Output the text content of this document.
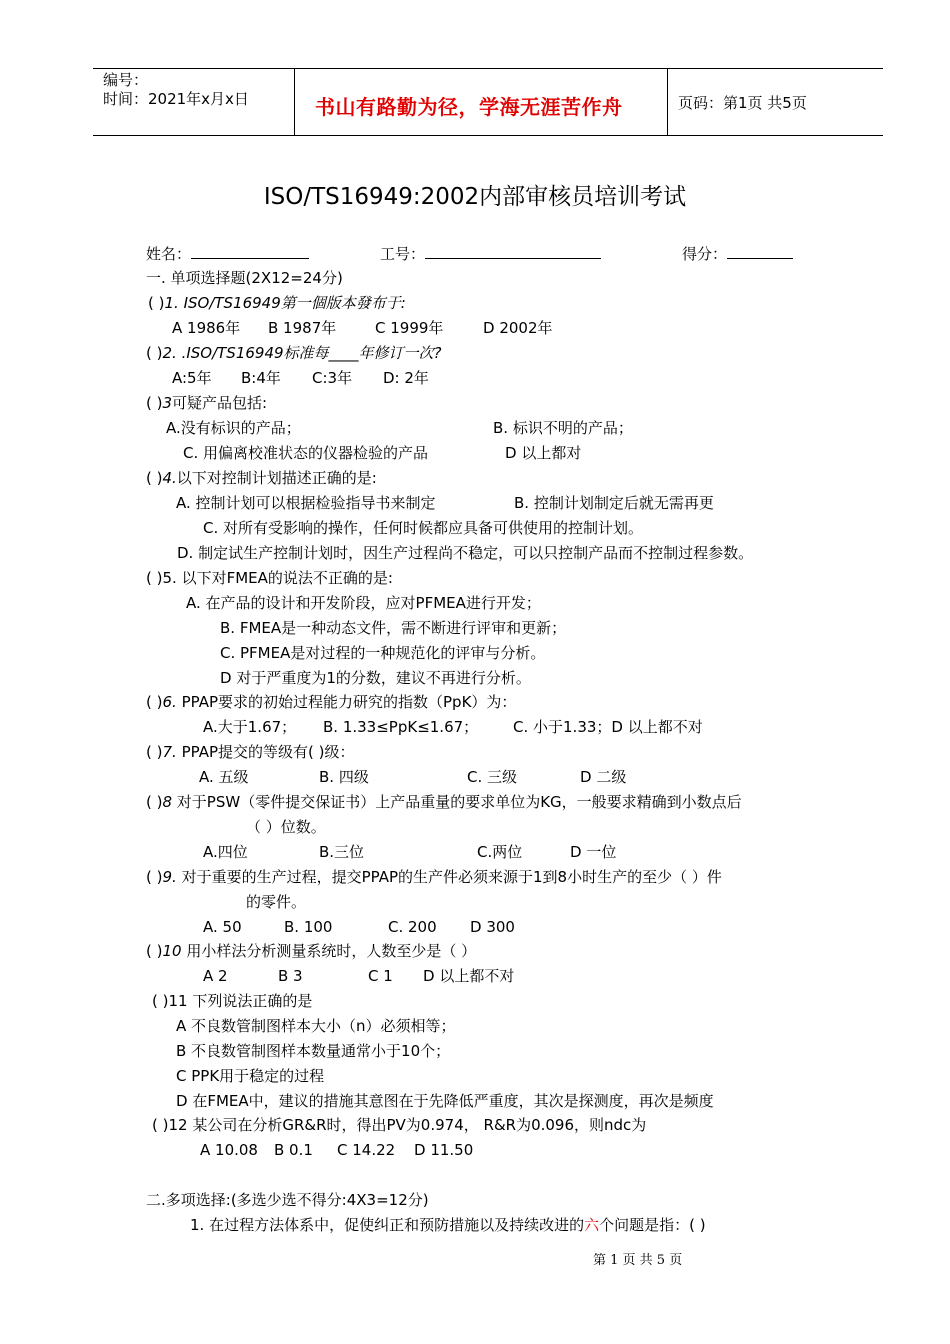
编号：
时间：2021年x月x日	书山有路勤为径，学海无涯苦作舟	页码：第1页 共5页
ISO/TS16949:2002内部审核员培训考试
姓名：	工号：	得分：
一. 单项选择题(2X12=24分)
( )1. ISO/TS16949第一個版本發布于:
A 1986年 B 1987年	C 1999年	D 2002年
( )2. .ISO/TS16949标准每____年修订一次?
A:5年 B:4年 C:3年 D: 2年
( )3可疑产品包括:
A.没有标识的产品；	B. 标识不明的产品；
C. 用偏离校准状态的仪器检验的产品	D 以上都对
( )4.以下对控制计划描述正确的是:
A. 控制计划可以根据检验指导书来制定	B. 控制计划制定后就无需再更
C. 对所有受影响的操作，任何时候都应具备可供使用的控制计划。
D. 制定试生产控制计划时，因生产过程尚不稳定，可以只控制产品而不控制过程参数。
( )5. 以下对FMEA的说法不正确的是:
A. 在产品的设计和开发阶段，应对PFMEA进行开发；
B. FMEA是一种动态文件，需不断进行评审和更新；
C. PFMEA是对过程的一种规范化的评审与分析。
D 对于严重度为1的分数，建议不再进行分析。
( )6. PPAP要求的初始过程能力研究的指数（PpK）为：
A.大于1.67； B. 1.33≤PpK≤1.67； C. 小于1.33；D 以上都不对
( )7. PPAP提交的等级有( )级：
A. 五级	B. 四级	C. 三级	D 二级
( )8 对于PSW（零件提交保证书）上产品重量的要求单位为KG，一般要求精确到小数点后
（ ）位数。
A.四位	B.三位	C.两位	D 一位
( )9. 对于重要的生产过程，提交PPAP的生产件必须来源于1到8小时生产的至少（ ）件
的零件。
A. 50	B. 100	C. 200 D 300
( )10 用小样法分析测量系统时，人数至少是（ ）
A 2	B 3	C 1 D 以上都不对
( )11 下列说法正确的是
A 不良数管制图样本大小（n）必须相等；
B 不良数管制图样本数量通常小于10个；
C PPK用于稳定的过程
D 在FMEA中，建议的措施其意图在于先降低严重度，其次是探测度，再次是频度
( )12 某公司在分析GR&R时，得出PV为0.974， R&R为0.096，则ndc为
A 10.08 B 0.1 C 14.22 D 11.50
二.多项选择:(多选少选不得分:4X3=12分)
1. 在过程方法体系中，促使纠正和预防措施以及持续改进的六个问题是指：( )
第 1 页 共 5 页
